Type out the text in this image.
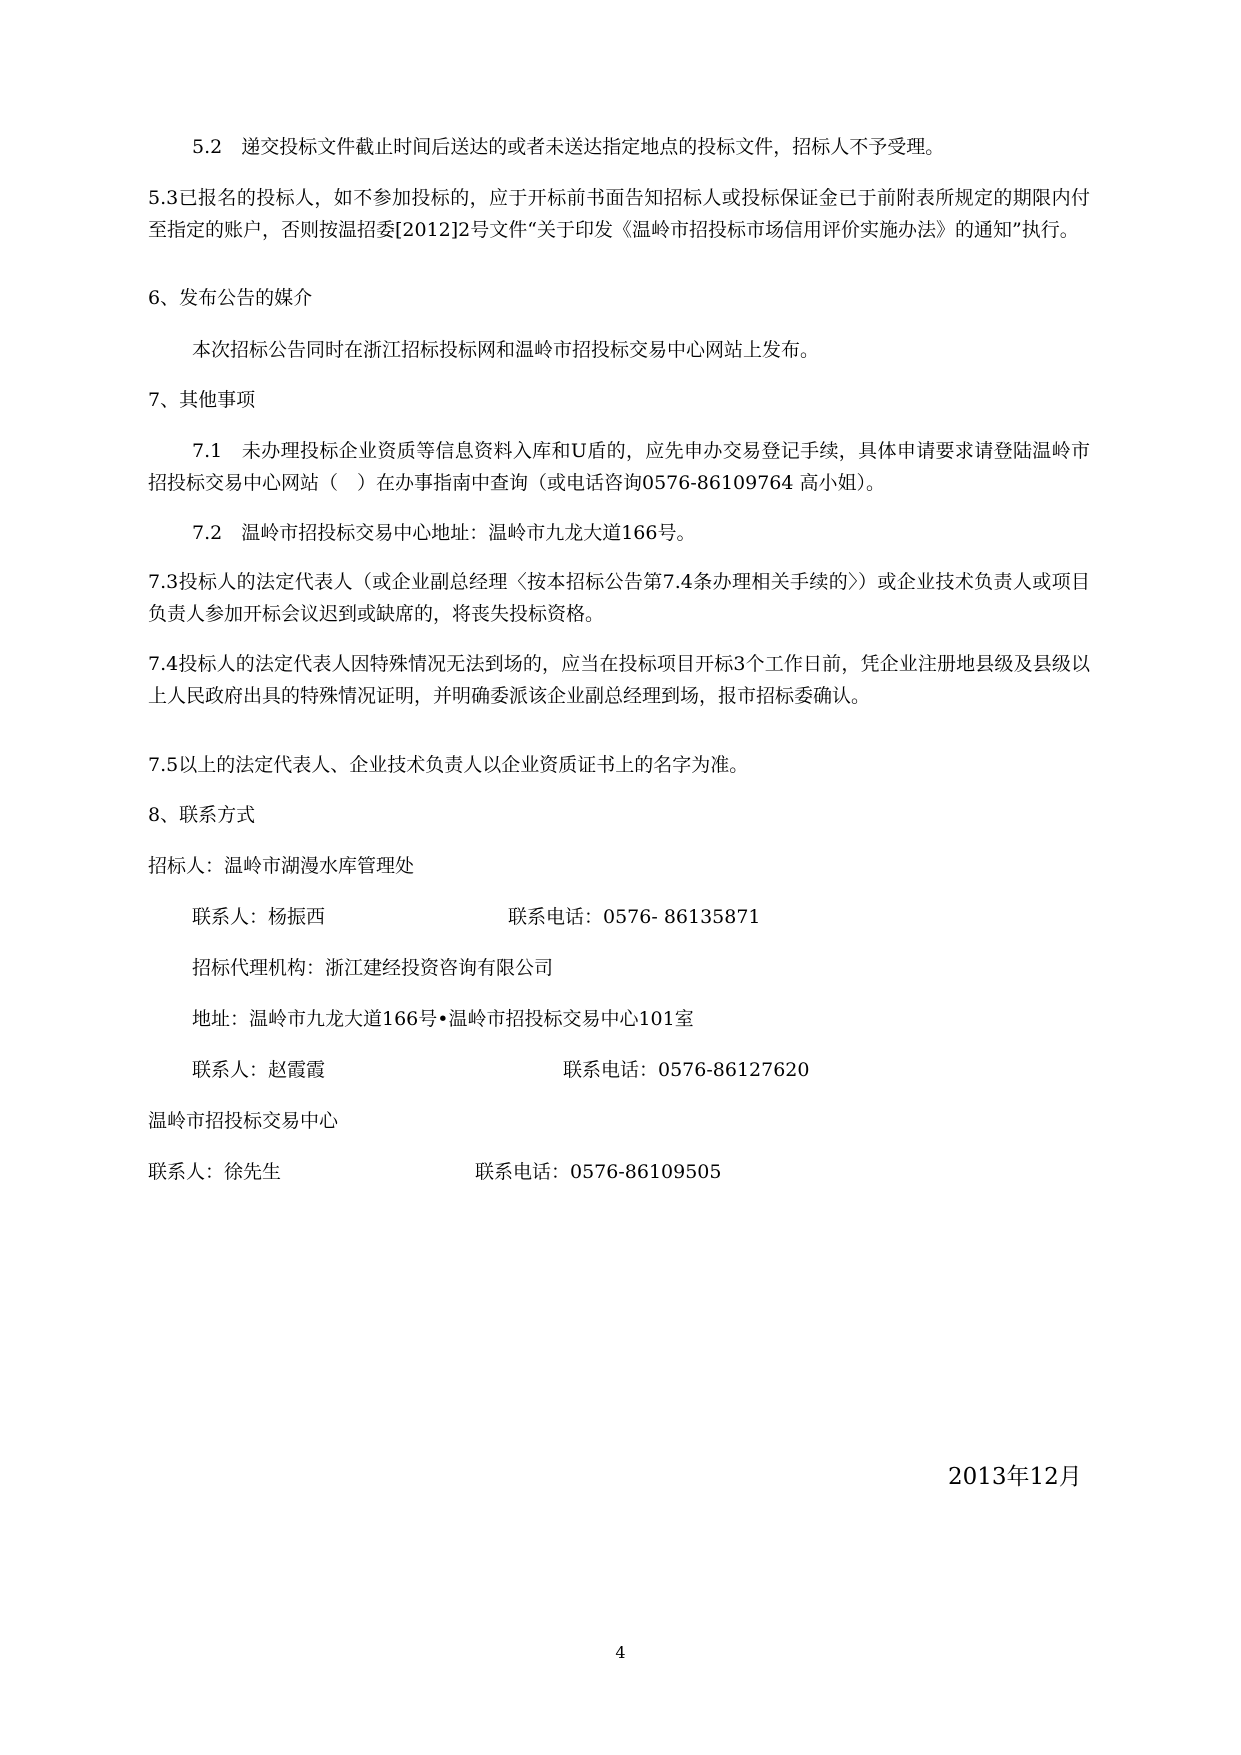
5.2　递交投标文件截止时间后送达的或者未送达指定地点的投标文件，招标人不予受理。
5.3已报名的投标人，如不参加投标的，应于开标前书面告知招标人或投标保证金已于前附表所规定的期限内付至指定的账户，否则按温招委[2012]2号文件“关于印发《温岭市招投标市场信用评价实施办法》的通知”执行。
6、发布公告的媒介
本次招标公告同时在浙江招标投标网和温岭市招投标交易中心网站上发布。
7、其他事项
7.1　未办理投标企业资质等信息资料入库和U盾的，应先申办交易登记手续，具体申请要求请登陆温岭市招投标交易中心网站（　）在办事指南中查询（或电话咨询0576-86109764 高小姐）。
7.2　温岭市招投标交易中心地址：温岭市九龙大道166号。
7.3投标人的法定代表人（或企业副总经理〈按本招标公告第7.4条办理相关手续的〉）或企业技术负责人或项目负责人参加开标会议迟到或缺席的，将丧失投标资格。
7.4投标人的法定代表人因特殊情况无法到场的，应当在投标项目开标3个工作日前，凭企业注册地县级及县级以上人民政府出具的特殊情况证明，并明确委派该企业副总经理到场，报市招标委确认。
7.5以上的法定代表人、企业技术负责人以企业资质证书上的名字为准。
8、联系方式
招标人：温岭市湖漫水库管理处
联系人：杨振西	联系电话：0576- 86135871
招标代理机构：浙江建经投资咨询有限公司
地址：温岭市九龙大道166号•温岭市招投标交易中心101室
联系人：赵霞霞	联系电话：0576-86127620
温岭市招投标交易中心
联系人：徐先生	联系电话：0576-86109505
2013年12月
4
